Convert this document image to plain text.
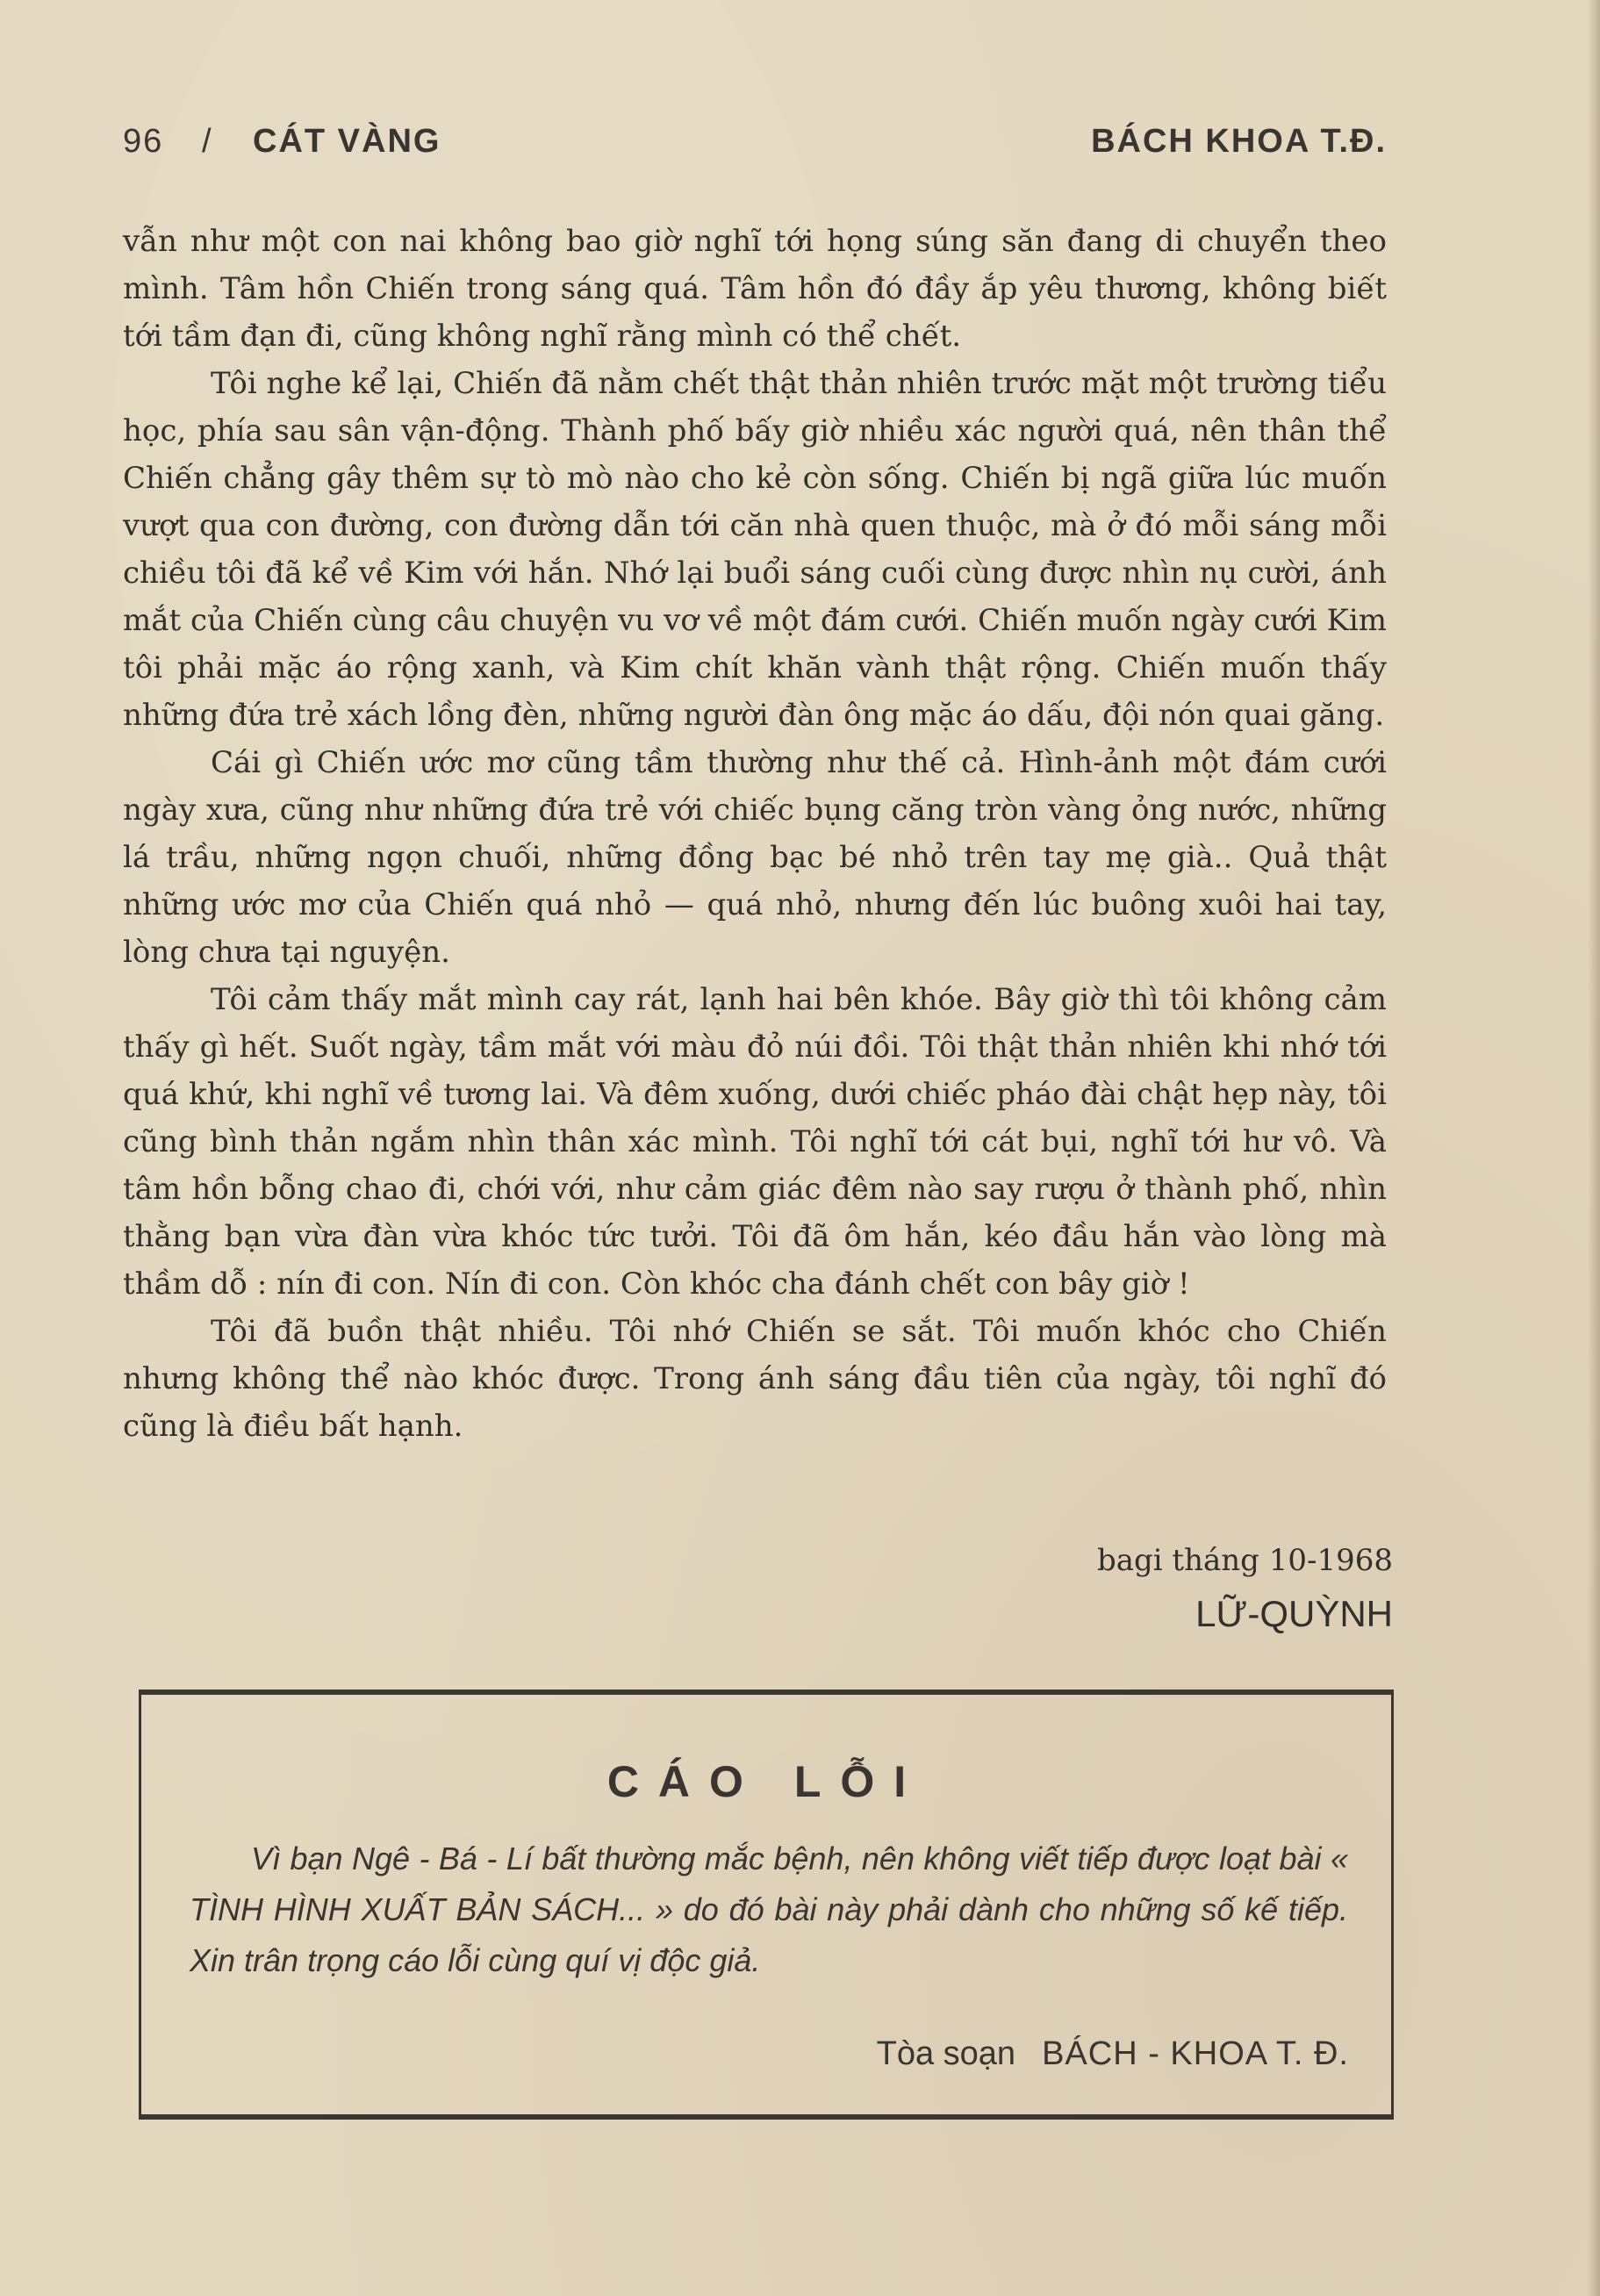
96 / CÁT VÀNG	BÁCH KHOA T.Đ.

vẫn như một con nai không bao giờ nghĩ tới họng súng săn đang di chuyển theo mình. Tâm hồn Chiến trong sáng quá. Tâm hồn đó đầy ắp yêu thương, không biết tới tầm đạn đi, cũng không nghĩ rằng mình có thể chết.

Tôi nghe kể lại, Chiến đã nằm chết thật thản nhiên trước mặt một trường tiểu học, phía sau sân vận-động. Thành phố bấy giờ nhiều xác người quá, nên thân thể Chiến chẳng gây thêm sự tò mò nào cho kẻ còn sống. Chiến bị ngã giữa lúc muốn vượt qua con đường, con đường dẫn tới căn nhà quen thuộc, mà ở đó mỗi sáng mỗi chiều tôi đã kể về Kim với hắn. Nhớ lại buổi sáng cuối cùng được nhìn nụ cười, ánh mắt của Chiến cùng câu chuyện vu vơ về một đám cưới. Chiến muốn ngày cưới Kim tôi phải mặc áo rộng xanh, và Kim chít khăn vành thật rộng. Chiến muốn thấy những đứa trẻ xách lồng đèn, những người đàn ông mặc áo dấu, đội nón quai găng.

Cái gì Chiến ước mơ cũng tầm thường như thế cả. Hình-ảnh một đám cưới ngày xưa, cũng như những đứa trẻ với chiếc bụng căng tròn vàng ỏng nước, những lá trầu, những ngọn chuối, những đồng bạc bé nhỏ trên tay mẹ già.. Quả thật những ước mơ của Chiến quá nhỏ — quá nhỏ, nhưng đến lúc buông xuôi hai tay, lòng chưa tại nguyện.

Tôi cảm thấy mắt mình cay rát, lạnh hai bên khóe. Bây giờ thì tôi không cảm thấy gì hết. Suốt ngày, tầm mắt với màu đỏ núi đồi. Tôi thật thản nhiên khi nhớ tới quá khứ, khi nghĩ về tương lai. Và đêm xuống, dưới chiếc pháo đài chật hẹp này, tôi cũng bình thản ngắm nhìn thân xác mình. Tôi nghĩ tới cát bụi, nghĩ tới hư vô. Và tâm hồn bỗng chao đi, chới với, như cảm giác đêm nào say rượu ở thành phố, nhìn thằng bạn vừa đàn vừa khóc tức tưởi. Tôi đã ôm hắn, kéo đầu hắn vào lòng mà thầm dỗ : nín đi con. Nín đi con. Còn khóc cha đánh chết con bây giờ !

Tôi đã buồn thật nhiều. Tôi nhớ Chiến se sắt. Tôi muốn khóc cho Chiến nhưng không thể nào khóc được. Trong ánh sáng đầu tiên của ngày, tôi nghĩ đó cũng là điều bất hạnh.

bagi tháng 10-1968
LỮ-QUỲNH
CÁO LỖI
Vì bạn Ngê - Bá - Lí bất thường mắc bệnh, nên không viết tiếp được loạt bài « TÌNH HÌNH XUẤT BẢN SÁCH... » do đó bài này phải dành cho những số kế tiếp. Xin trân trọng cáo lỗi cùng quí vị độc giả.
Tòa soạn BÁCH - KHOA T. Đ.
